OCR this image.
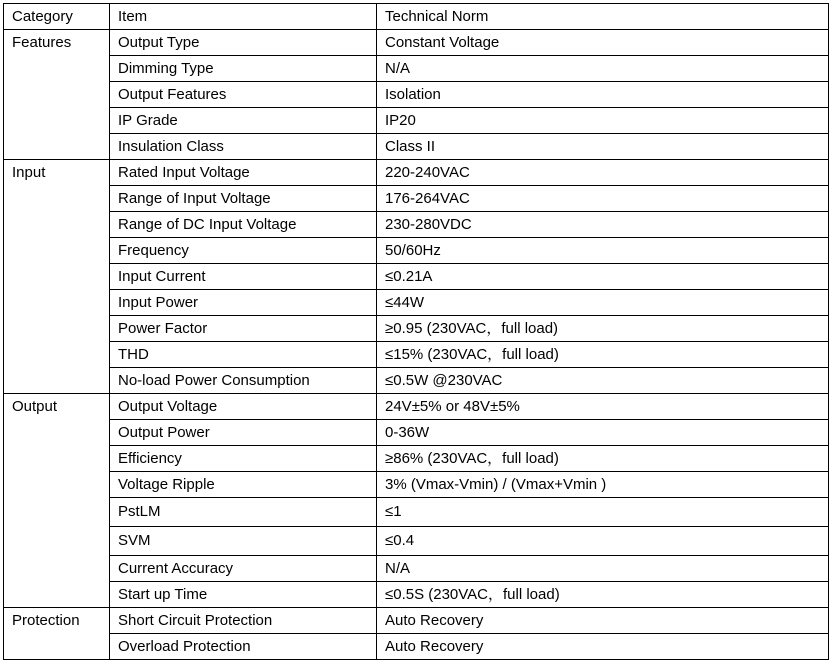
Category	Item	Technical Norm
Features	Output Type	Constant Voltage
	Dimming Type	N/A
	Output Features	Isolation
	IP Grade	IP20
	Insulation Class	Class II
Input	Rated Input Voltage	220-240VAC
	Range of Input Voltage	176-264VAC
	Range of DC Input Voltage	230-280VDC
	Frequency	50/60Hz
	Input Current	≤0.21A
	Input Power	≤44W
	Power Factor	≥0.95 (230VAC，full load)
	THD	≤15% (230VAC，full load)
	No-load Power Consumption	≤0.5W @230VAC
Output	Output Voltage	24V±5% or 48V±5%
	Output Power	0-36W
	Efficiency	≥86% (230VAC，full load)
	Voltage Ripple	3% (Vmax-Vmin) / (Vmax+Vmin )
	PstLM	≤1
	SVM	≤0.4
	Current Accuracy	N/A
	Start up Time	≤0.5S (230VAC，full load)
Protection	Short Circuit Protection	Auto Recovery
	Overload Protection	Auto Recovery
